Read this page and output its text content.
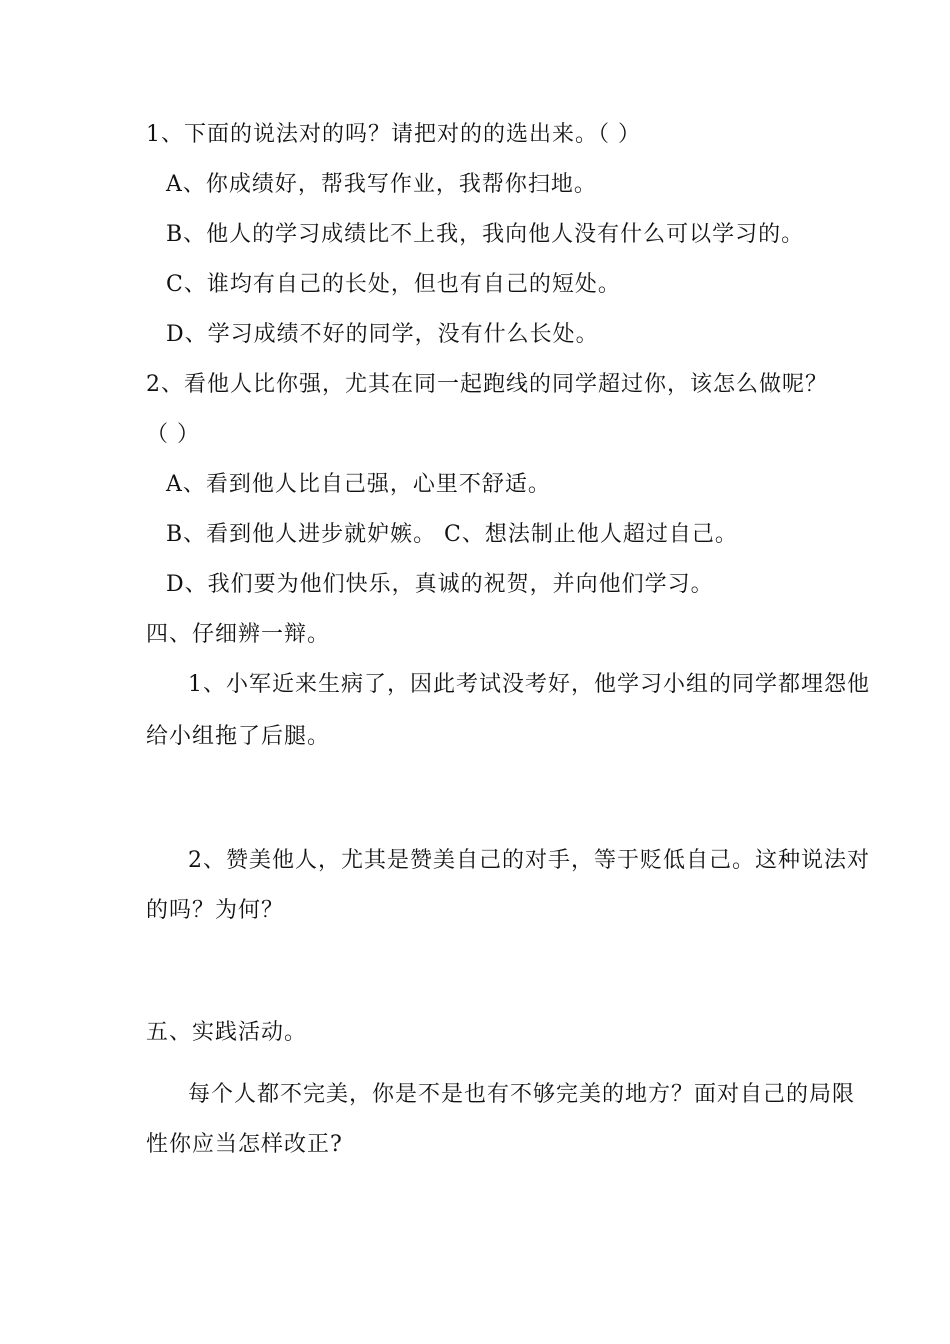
1、下面的说法对的吗？请把对的的选出来。（ ）
A、你成绩好，帮我写作业，我帮你扫地。
B、他人的学习成绩比不上我，我向他人没有什么可以学习的。
C、谁均有自己的长处，但也有自己的短处。
D、学习成绩不好的同学，没有什么长处。
2、看他人比你强，尤其在同一起跑线的同学超过你，该怎么做呢？
（ ）
A、看到他人比自己强，心里不舒适。
B、看到他人进步就妒嫉。 C、想法制止他人超过自己。
D、我们要为他们快乐，真诚的祝贺，并向他们学习。
四、仔细辨一辩。
1、小军近来生病了，因此考试没考好，他学习小组的同学都埋怨他
给小组拖了后腿。
2、赞美他人，尤其是赞美自己的对手，等于贬低自己。这种说法对
的吗？为何？
五、实践活动。
每个人都不完美，你是不是也有不够完美的地方？面对自己的局限
性你应当怎样改正?
